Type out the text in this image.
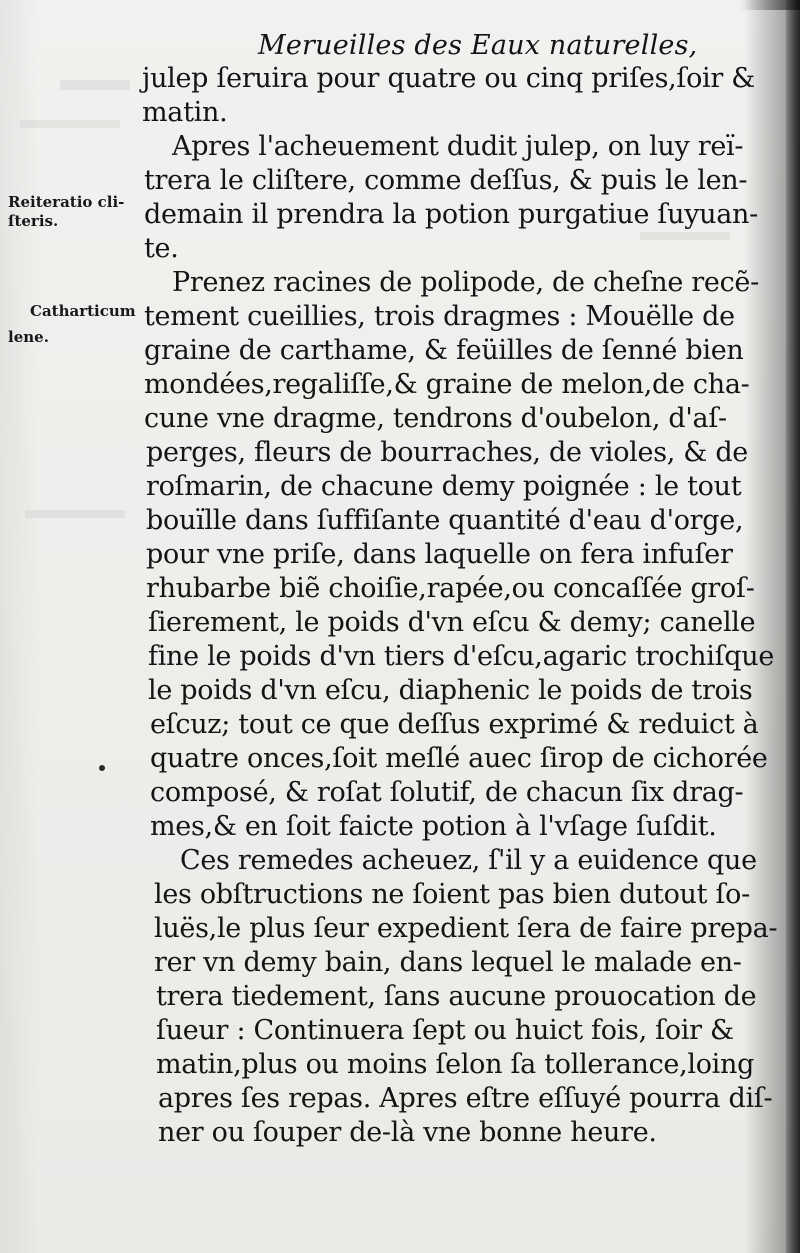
Merueilles des Eaux naturelles,
Reiteratio cli-
ſteris.
Catharticum
lene.
julep ſeruira pour quatre ou cinq priſes,ſoir &
matin.
Apres l'acheuement dudit julep, on luy reï-
trera le cliſtere, comme deſſus, & puis le len-
demain il prendra la potion purgatiue ſuyuan-
te.
Prenez racines de polipode, de cheſne recẽ-
tement cueillies, trois dragmes : Mouëlle de
graine de carthame, & feüilles de ſenné bien
mondées,regaliſſe,& graine de melon,de cha-
cune vne dragme, tendrons d'oubelon, d'aſ-
perges, fleurs de bourraches, de violes, & de
roſmarin, de chacune demy poignée : le tout
bouïlle dans ſuffiſante quantité d'eau d'orge,
pour vne priſe, dans laquelle on fera infuſer
rhubarbe biẽ choiſie,rapée,ou concaſſée groſ-
ſierement, le poids d'vn eſcu & demy; canelle
fine le poids d'vn tiers d'eſcu,agaric trochiſque
le poids d'vn eſcu, diaphenic le poids de trois
eſcuz; tout ce que deſſus exprimé & reduict à
quatre onces,ſoit meſlé auec ſirop de cichorée
composé, & roſat ſolutif, de chacun ſix drag-
mes,& en ſoit faicte potion à l'vſage ſuſdit.
Ces remedes acheuez, ſ'il y a euidence que
les obſtructions ne ſoient pas bien dutout ſo-
luës,le plus ſeur expedient ſera de faire prepa-
rer vn demy bain, dans lequel le malade en-
trera tiedement, ſans aucune prouocation de
ſueur : Continuera ſept ou huict fois, ſoir &
matin,plus ou moins ſelon ſa tollerance,loing
apres ſes repas. Apres eſtre eſſuyé pourra diſ-
ner ou ſouper de-là vne bonne heure.
